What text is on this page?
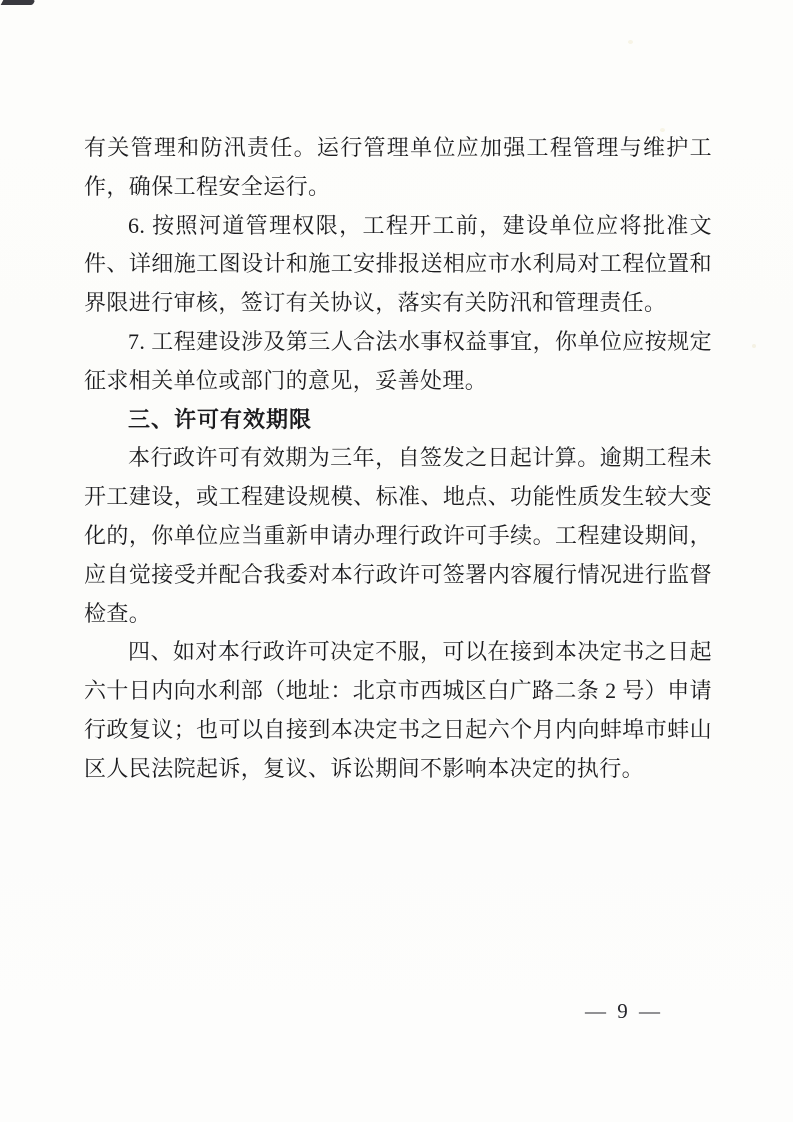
有关管理和防汛责任。运行管理单位应加强工程管理与维护工作，确保工程安全运行。

6. 按照河道管理权限，工程开工前，建设单位应将批准文件、详细施工图设计和施工安排报送相应市水利局对工程位置和界限进行审核，签订有关协议，落实有关防汛和管理责任。

7. 工程建设涉及第三人合法水事权益事宜，你单位应按规定征求相关单位或部门的意见，妥善处理。

三、许可有效期限

本行政许可有效期为三年，自签发之日起计算。逾期工程未开工建设，或工程建设规模、标准、地点、功能性质发生较大变化的，你单位应当重新申请办理行政许可手续。工程建设期间，应自觉接受并配合我委对本行政许可签署内容履行情况进行监督检查。

四、如对本行政许可决定不服，可以在接到本决定书之日起六十日内向水利部（地址：北京市西城区白广路二条 2 号）申请行政复议；也可以自接到本决定书之日起六个月内向蚌埠市蚌山区人民法院起诉，复议、诉讼期间不影响本决定的执行。

— 9 —
